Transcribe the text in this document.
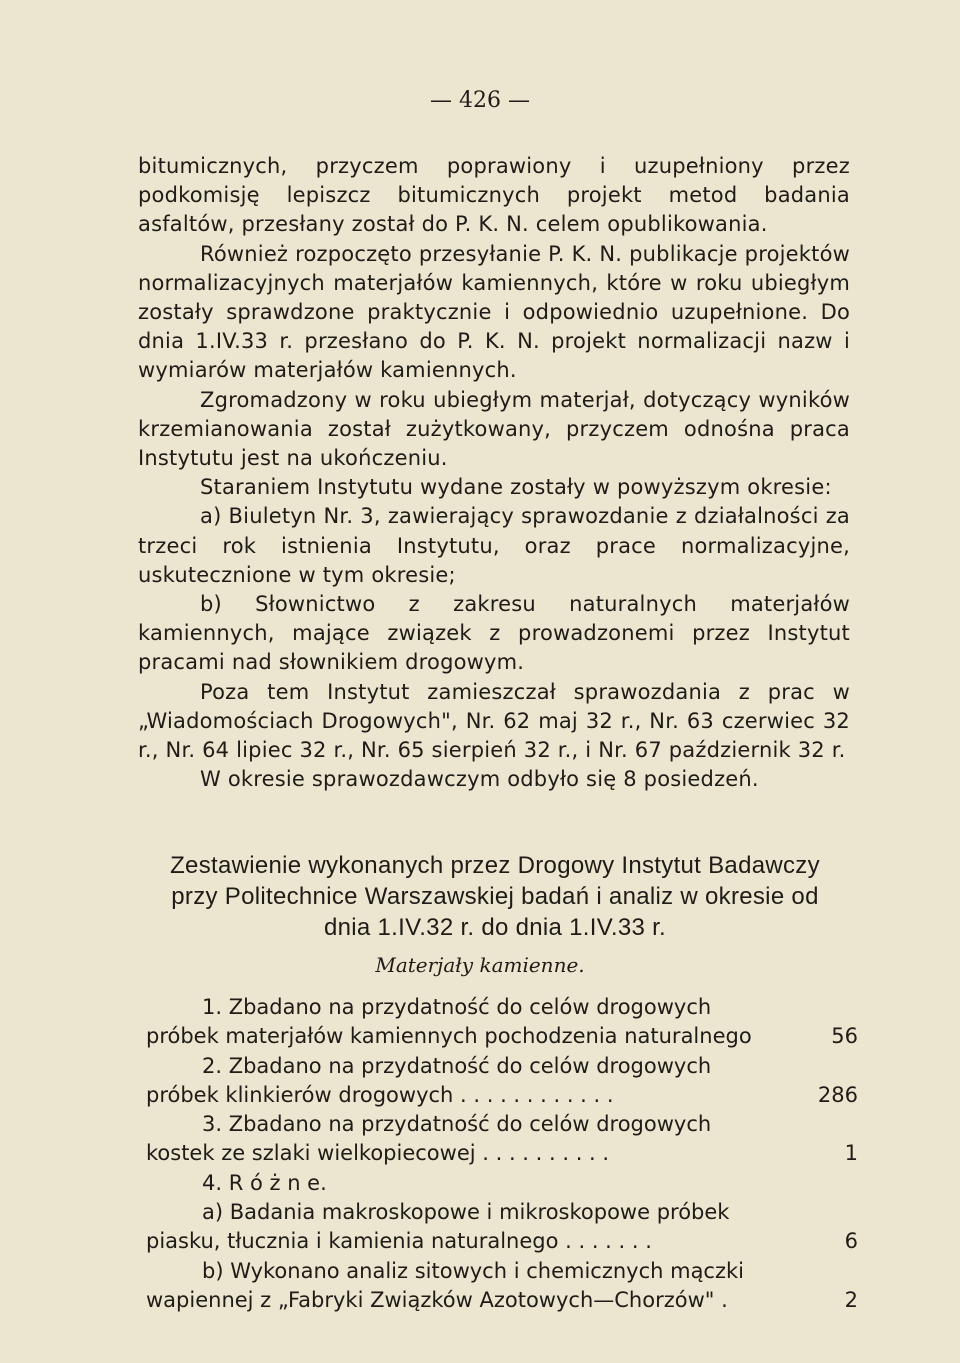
— 426 —

bitumicznych, przyczem poprawiony i uzupełniony przez podkomisję lepiszcz bitumicznych projekt metod badania asfaltów, przesłany został do P. K. N. celem opublikowania.

Również rozpoczęto przesyłanie P. K. N. publikacje projektów normalizacyjnych materjałów kamiennych, które w roku ubiegłym zostały sprawdzone praktycznie i odpowiednio uzupełnione. Do dnia 1.IV.33 r. przesłano do P. K. N. projekt normalizacji nazw i wymiarów materjałów kamiennych.

Zgromadzony w roku ubiegłym materjał, dotyczący wyników krzemianowania został zużytkowany, przyczem odnośna praca Instytutu jest na ukończeniu.

Staraniem Instytutu wydane zostały w powyższym okresie:

a) Biuletyn Nr. 3, zawierający sprawozdanie z działalności za trzeci rok istnienia Instytutu, oraz prace normalizacyjne, uskutecznione w tym okresie;

b) Słownictwo z zakresu naturalnych materjałów kamiennych, mające związek z prowadzonemi przez Instytut pracami nad słownikiem drogowym.

Poza tem Instytut zamieszczał sprawozdania z prac w „Wiadomościach Drogowych", Nr. 62 maj 32 r., Nr. 63 czerwiec 32 r., Nr. 64 lipiec 32 r., Nr. 65 sierpień 32 r., i Nr. 67 październik 32 r.

W okresie sprawozdawczym odbyło się 8 posiedzeń.

Zestawienie wykonanych przez Drogowy Instytut Badawczy
przy Politechnice Warszawskiej badań i analiz w okresie od
dnia 1.IV.32 r. do dnia 1.IV.33 r.
Materjały kamienne.
1. Zbadano na przydatność do celów drogowych
próbek materjałów kamiennych pochodzenia naturalnego	56
2. Zbadano na przydatność do celów drogowych
próbek klinkierów drogowych . . . . . . . . . . . .	286
3. Zbadano na przydatność do celów drogowych
kostek ze szlaki wielkopiecowej . . . . . . . . . .	1
4. R ó ż n e.
a) Badania makroskopowe i mikroskopowe próbek
piasku, tłucznia i kamienia naturalnego . . . . . . .	6
b) Wykonano analiz sitowych i chemicznych mączki
wapiennej z „Fabryki Związków Azotowych—Chorzów" .	2
